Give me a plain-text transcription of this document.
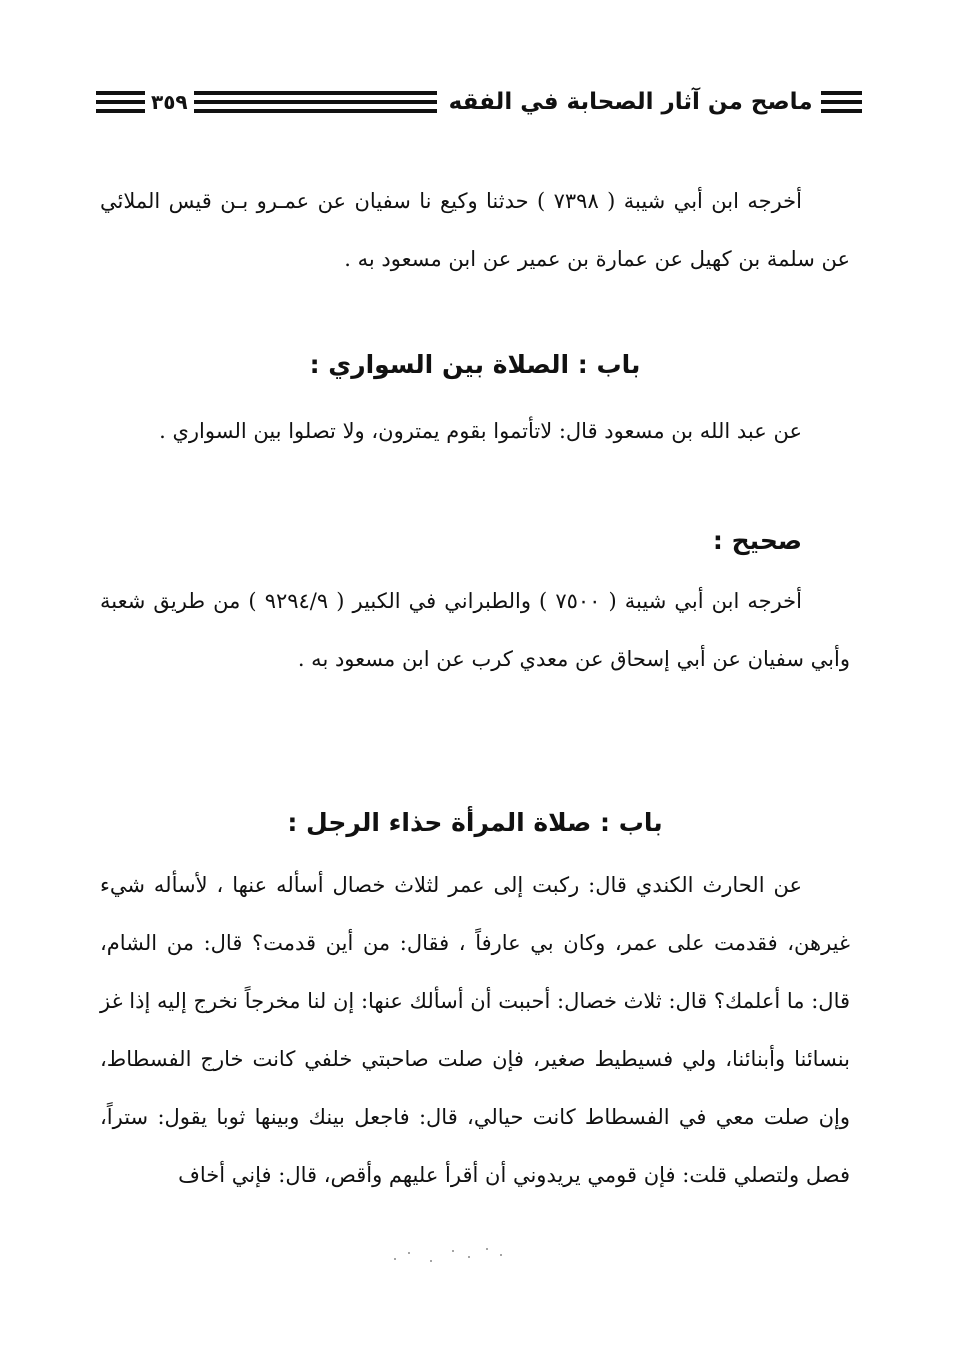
ماصح من آثار الصحابة في الفقه
٣٥٩
أخرجه ابن أبي شيبة ( ٧٣٩٨ ) حدثنا وكيع نا سفيان عن عمـرو بـن قيس الملائي عن سلمة بن كهيل عن عمارة بن عمير عن ابن مسعود به .
باب : الصلاة بين السواري :
عن عبد الله بن مسعود قال: لاتأتموا بقوم يمترون، ولا تصلوا بين السواري .
صحيح :
أخرجه ابن أبي شيبة ( ٧٥٠٠ ) والطبراني في الكبير ( ٩٢٩٤/٩ ) من طريق شعبة وأبي سفيان عن أبي إسحاق عن معدي كرب عن ابن مسعود به .
باب : صلاة المرأة حذاء الرجل :
عن الحارث الكندي قال: ركبت إلى عمر لثلاث خصال أسأله عنها ، لأسأله شيء غيرهن، فقدمت على عمر، وكان بي عارفاً ، فقال: من أين قدمت؟ قال: من الشام، قال: ما أعلمك؟ قال: ثلاث خصال: أحببت أن أسألك عنها: إن لنا مخرجاً نخرج إليه إذا غز بنسائنا وأبنائنا، ولي فسيطيط صغير، فإن صلت صاحبتي خلفي كانت خارج الفسطاط، وإن صلت معي في الفسطاط كانت حيالي، قال: فاجعل بينك وبينها ثوبا يقول: ستراً، فصل ولتصلي قلت: فإن قومي يريدوني أن أقرأ عليهم وأقص، قال: فإني أخاف
